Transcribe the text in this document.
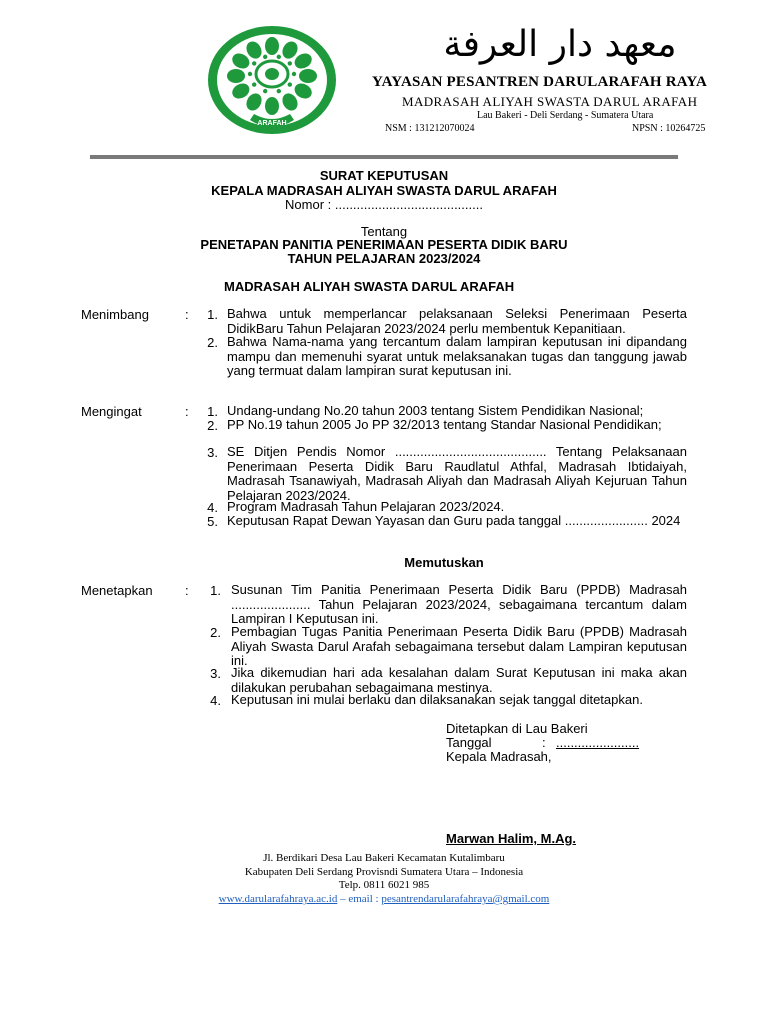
ARAFAH
معهد دار العرفة
YAYASAN PESANTREN DARULARAFAH RAYA
MADRASAH ALIYAH SWASTA DARUL ARAFAH
Lau Bakeri - Deli Serdang - Sumatera Utara
NSM : 131212070024	NPSN : 10264725
SURAT KEPUTUSAN
KEPALA MADRASAH ALIYAH SWASTA DARUL ARAFAH
Nomor : .........................................
Tentang
PENETAPAN PANITIA PENERIMAAN PESERTA DIDIK BARU
TAHUN PELAJARAN 2023/2024
MADRASAH ALIYAH SWASTA DARUL ARAFAH
Menimbang	:	1. Bahwa untuk memperlancar pelaksanaan Seleksi Penerimaan Peserta DidikBaru Tahun Pelajaran 2023/2024 perlu membentuk Kepanitiaan.
2. Bahwa Nama-nama yang tercantum dalam lampiran keputusan ini dipandang mampu dan memenuhi syarat untuk melaksanakan tugas dan tanggung jawab yang termuat dalam lampiran surat keputusan ini.
Mengingat	:	1. Undang-undang No.20 tahun 2003 tentang Sistem Pendidikan Nasional;
2. PP No.19 tahun 2005 Jo PP 32/2013 tentang Standar Nasional Pendidikan;
3. SE Ditjen Pendis Nomor .......................................... Tentang Pelaksanaan Penerimaan Peserta Didik Baru Raudlatul Athfal, Madrasah Ibtidaiyah, Madrasah Tsanawiyah, Madrasah Aliyah dan Madrasah Aliyah Kejuruan Tahun Pelajaran 2023/2024.
4. Program Madrasah Tahun Pelajaran 2023/2024.
5. Keputusan Rapat Dewan Yayasan dan Guru pada tanggal ....................... 2024
Memutuskan
Menetapkan :	1. Susunan Tim Panitia Penerimaan Peserta Didik Baru (PPDB) Madrasah ...................... Tahun Pelajaran 2023/2024, sebagaimana tercantum dalam Lampiran I Keputusan ini.
2. Pembagian Tugas Panitia Penerimaan Peserta Didik Baru (PPDB) Madrasah Aliyah Swasta Darul Arafah sebagaimana tersebut dalam Lampiran keputusan ini.
3. Jika dikemudian hari ada kesalahan dalam Surat Keputusan ini maka akan dilakukan perubahan sebagaimana mestinya.
4. Keputusan ini mulai berlaku dan dilaksanakan sejak tanggal ditetapkan.
Ditetapkan di Lau Bakeri
Tanggal	: .......................
Kepala Madrasah,
Marwan Halim, M.Ag.
Jl. Berdikari Desa Lau Bakeri Kecamatan Kutalimbaru
Kabupaten Deli Serdang Provisndi Sumatera Utara – Indonesia
Telp. 0811 6021 985
www.darularafahraya.ac.id – email : pesantrendarularafahraya@gmail.com
